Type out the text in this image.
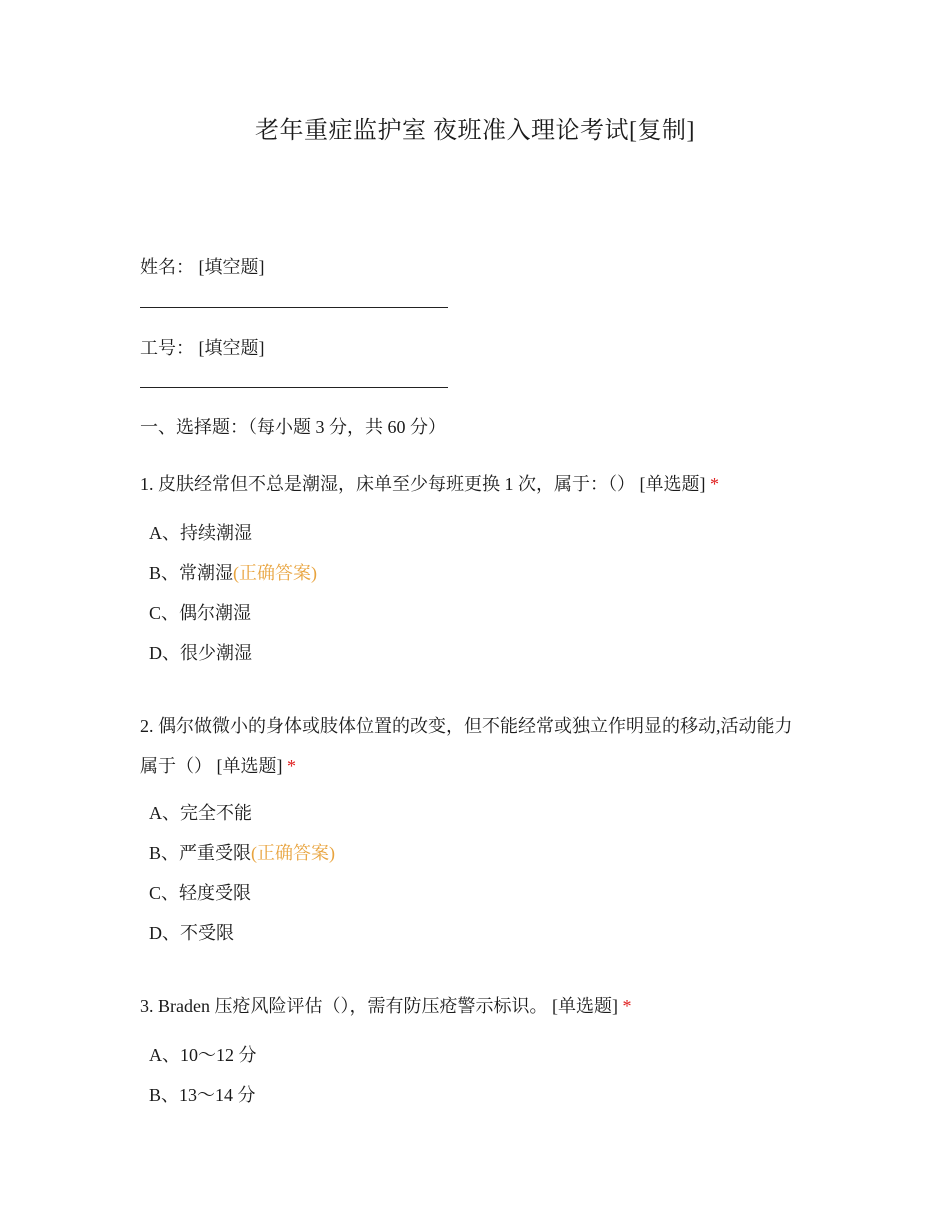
老年重症监护室 夜班准入理论考试[复制]
姓名： [填空题]
工号： [填空题]
一、选择题：（每小题 3 分，共 60 分）
1. 皮肤经常但不总是潮湿，床单至少每班更换 1 次，属于：（） [单选题] *
A、持续潮湿
B、常潮湿(正确答案)
C、偶尔潮湿
D、很少潮湿
2. 偶尔做微小的身体或肢体位置的改变，但不能经常或独立作明显的移动,活动能力属于（） [单选题] *
A、完全不能
B、严重受限(正确答案)
C、轻度受限
D、不受限
3. Braden 压疮风险评估（），需有防压疮警示标识。 [单选题] *
A、10～12 分
B、13～14 分
